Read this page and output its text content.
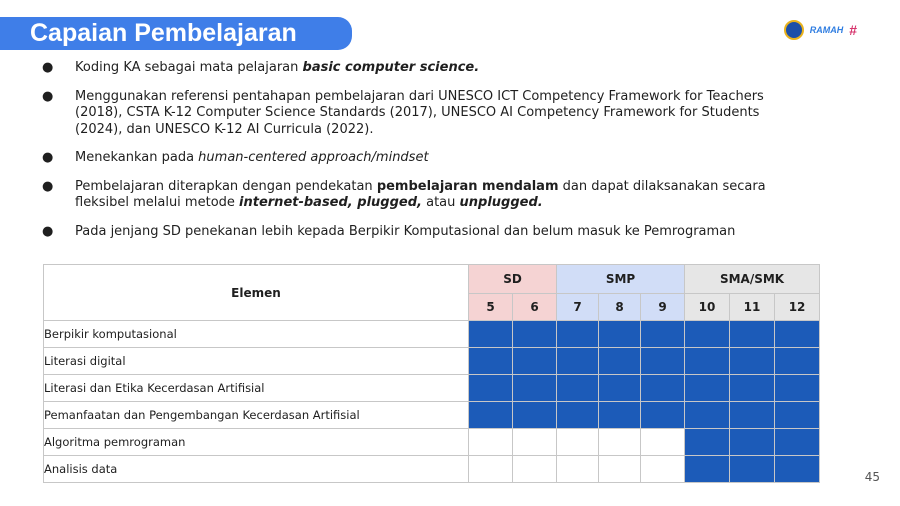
Capaian Pembelajaran	RAMAH #
● Koding KA sebagai mata pelajaran basic computer science.
● Menggunakan referensi pentahapan pembelajaran dari UNESCO ICT Competency Framework for Teachers (2018), CSTA K-12 Computer Science Standards (2017), UNESCO AI Competency Framework for Students (2024), dan UNESCO K-12 AI Curricula (2022).
● Menekankan pada human-centered approach/mindset
● Pembelajaran diterapkan dengan pendekatan pembelajaran mendalam dan dapat dilaksanakan secara fleksibel melalui metode internet-based, plugged, atau unplugged.
● Pada jenjang SD penekanan lebih kepada Berpikir Komputasional dan belum masuk ke Pemrograman
Elemen	SD		SMP			SMA/SMK		
	5	6	7	8	9	10	11	12
Berpikir komputasional								
Literasi digital								
Literasi dan Etika Kecerdasan Artifisial								
Pemanfaatan dan Pengembangan Kecerdasan Artifisial								
Algoritma pemrograman								
Analisis data								
45
